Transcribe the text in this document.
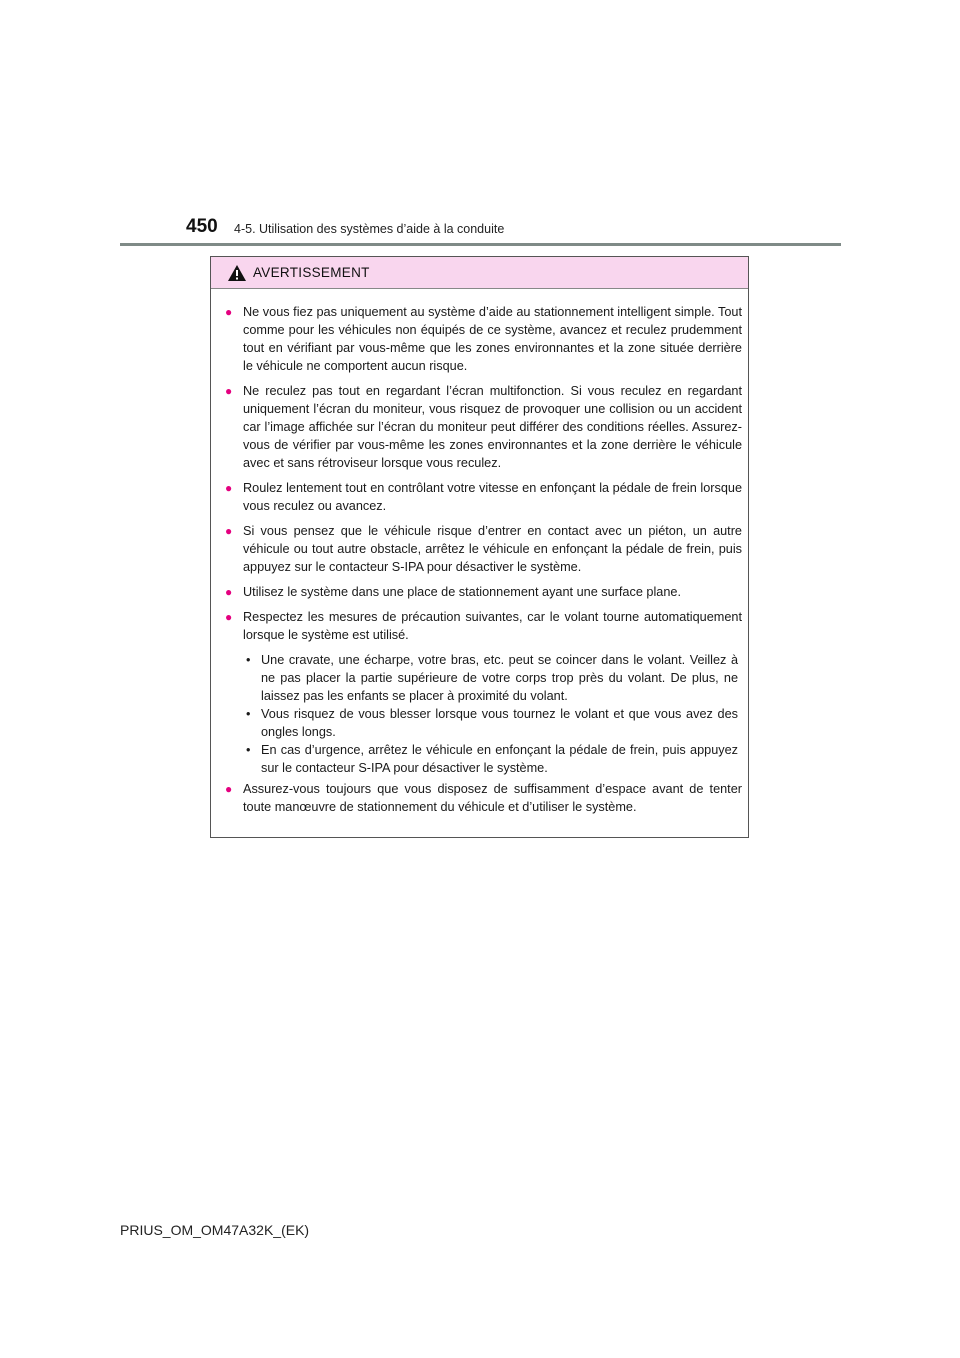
450 4-5. Utilisation des systèmes d’aide à la conduite
AVERTISSEMENT
● Ne vous fiez pas uniquement au système d’aide au stationnement intelligent simple. Tout comme pour les véhicules non équipés de ce système, avancez et reculez prudemment tout en vérifiant par vous-même que les zones environnantes et la zone située derrière le véhicule ne comportent aucun risque.
● Ne reculez pas tout en regardant l’écran multifonction. Si vous reculez en regardant uniquement l’écran du moniteur, vous risquez de provoquer une collision ou un accident car l’image affichée sur l’écran du moniteur peut différer des conditions réelles. Assurez-vous de vérifier par vous-même les zones environnantes et la zone derrière le véhicule avec et sans rétroviseur lorsque vous reculez.
● Roulez lentement tout en contrôlant votre vitesse en enfonçant la pédale de frein lorsque vous reculez ou avancez.
● Si vous pensez que le véhicule risque d’entrer en contact avec un piéton, un autre véhicule ou tout autre obstacle, arrêtez le véhicule en enfonçant la pédale de frein, puis appuyez sur le contacteur S-IPA pour désactiver le système.
● Utilisez le système dans une place de stationnement ayant une surface plane.
● Respectez les mesures de précaution suivantes, car le volant tourne automatiquement lorsque le système est utilisé.
• Une cravate, une écharpe, votre bras, etc. peut se coincer dans le volant. Veillez à ne pas placer la partie supérieure de votre corps trop près du volant. De plus, ne laissez pas les enfants se placer à proximité du volant.
• Vous risquez de vous blesser lorsque vous tournez le volant et que vous avez des ongles longs.
• En cas d’urgence, arrêtez le véhicule en enfonçant la pédale de frein, puis appuyez sur le contacteur S-IPA pour désactiver le système.
● Assurez-vous toujours que vous disposez de suffisamment d’espace avant de tenter toute manœuvre de stationnement du véhicule et d’utiliser le système.
PRIUS_OM_OM47A32K_(EK)
